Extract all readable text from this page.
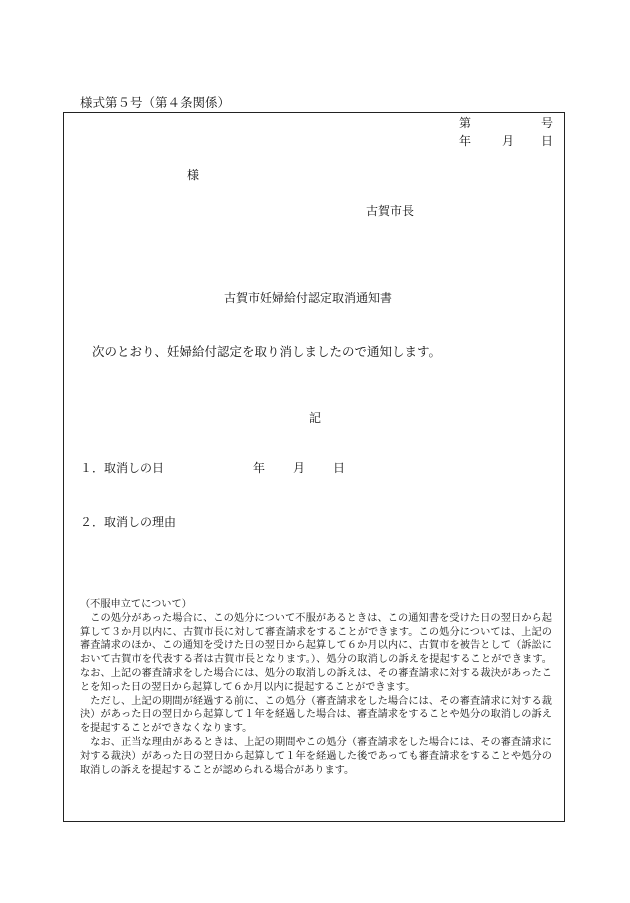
様式第５号（第４条関係）
第	号
年	月 日
様
古賀市長
古賀市妊婦給付認定取消通知書
次のとおり、妊婦給付認定を取り消しましたので通知します。
記
１．取消しの日	年 月 日
２．取消しの理由

（不服申立てについて）

この処分があった場合に、この処分について不服があるときは、この通知書を受けた日の翌日から起算して３か月以内に、古賀市長に対して審査請求をすることができます。この処分については、上記の審査請求のほか、この通知を受けた日の翌日から起算して６か月以内に、古賀市を被告として（訴訟において古賀市を代表する者は古賀市長となります。）、処分の取消しの訴えを提起することができます。なお、上記の審査請求をした場合には、処分の取消しの訴えは、その審査請求に対する裁決があったことを知った日の翌日から起算して６か月以内に提起することができます。

ただし、上記の期間が経過する前に、この処分（審査請求をした場合には、その審査請求に対する裁決）があった日の翌日から起算して１年を経過した場合は、審査請求をすることや処分の取消しの訴えを提起することができなくなります。

なお、正当な理由があるときは、上記の期間やこの処分（審査請求をした場合には、その審査請求に対する裁決）があった日の翌日から起算して１年を経過した後であっても審査請求をすることや処分の取消しの訴えを提起することが認められる場合があります。
